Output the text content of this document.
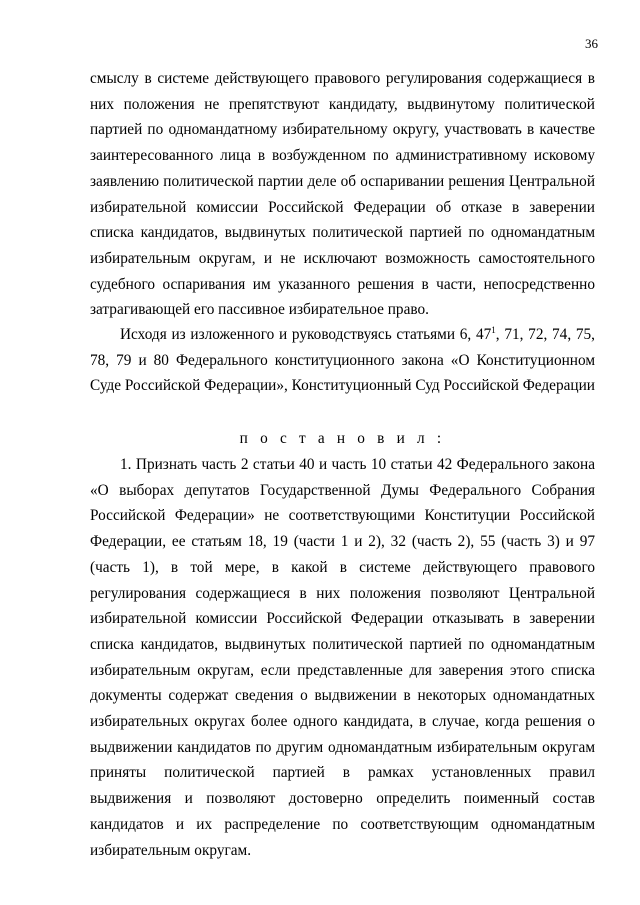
36

смыслу в системе действующего правового регулирования содержащиеся в них положения не препятствуют кандидату, выдвинутому политической партией по одномандатному избирательному округу, участвовать в качестве заинтересованного лица в возбужденном по административному исковому заявлению политической партии деле об оспаривании решения Центральной избирательной комиссии Российской Федерации об отказе в заверении списка кандидатов, выдвинутых политической партией по одномандатным избирательным округам, и не исключают возможность самостоятельного судебного оспаривания им указанного решения в части, непосредственно затрагивающей его пассивное избирательное право.

Исходя из изложенного и руководствуясь статьями 6, $47^1$, 71, 72, 74, 75, 78, 79 и 80 Федерального конституционного закона «О Конституционном Суде Российской Федерации», Конституционный Суд Российской Федерации

п о с т а н о в и л :

1. Признать часть 2 статьи 40 и часть 10 статьи 42 Федерального закона «О выборах депутатов Государственной Думы Федерального Собрания Российской Федерации» не соответствующими Конституции Российской Федерации, ее статьям 18, 19 (части 1 и 2), 32 (часть 2), 55 (часть 3) и 97 (часть 1), в той мере, в какой в системе действующего правового регулирования содержащиеся в них положения позволяют Центральной избирательной комиссии Российской Федерации отказывать в заверении списка кандидатов, выдвинутых политической партией по одномандатным избирательным округам, если представленные для заверения этого списка документы содержат сведения о выдвижении в некоторых одномандатных избирательных округах более одного кандидата, в случае, когда решения о выдвижении кандидатов по другим одномандатным избирательным округам приняты политической партией в рамках установленных правил выдвижения и позволяют достоверно определить поименный состав кандидатов и их распределение по соответствующим одномандатным избирательным округам.
